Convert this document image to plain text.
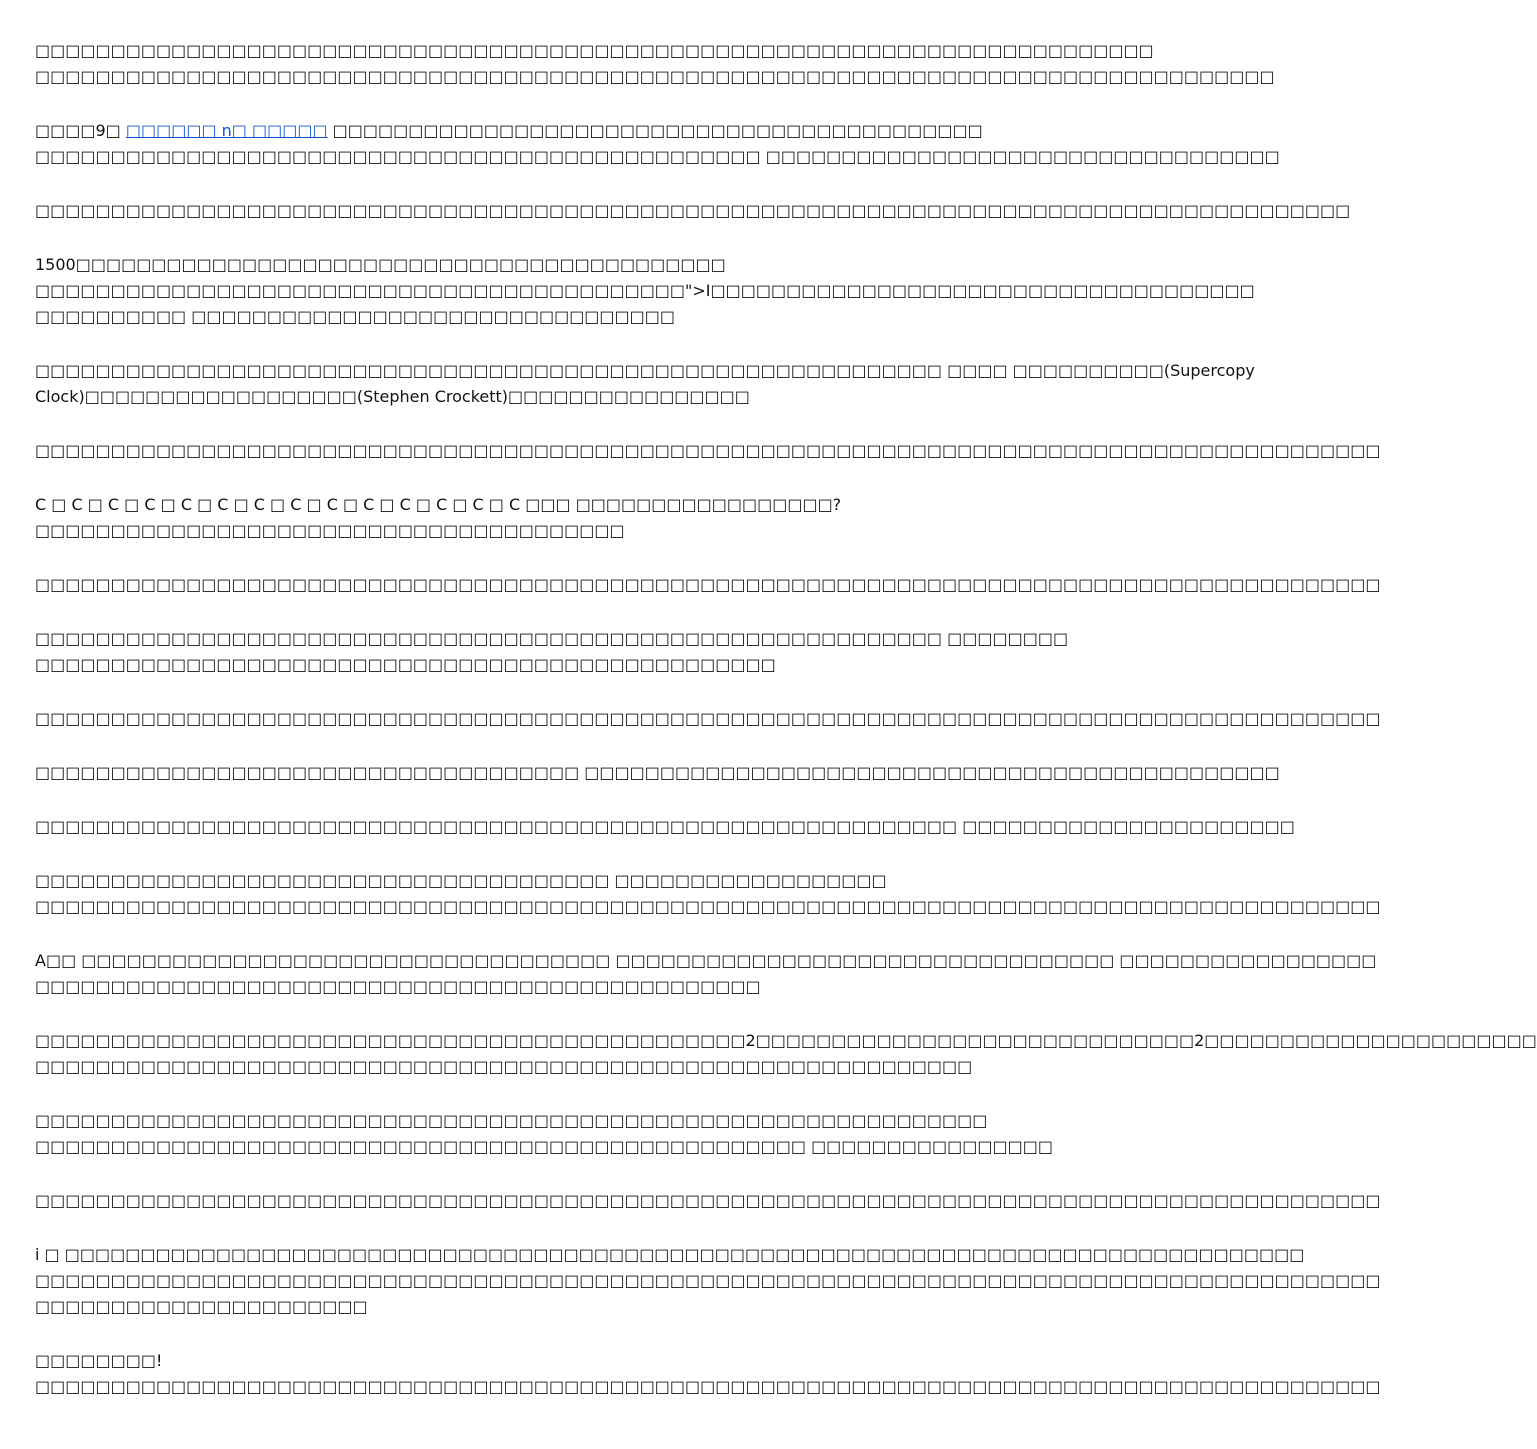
□□□□□□□□□□□□□□□□□□□□□□□□□□□□□□□□□□□□□□□□□□□□□□□□□□□□□□□□□□□□□□□□□□□□□□□□□□
□□□□□□□□□□□□□□□□□□□□□□□□□□□□□□□□□□□□□□□□□□□□□□□□□□□□□□□□□□□□□□□□□□□□□□□□□□□□□□□□□□

□□□□9□ □□□□□□ n□ □□□□□ □□□□□□□□□□□□□□□□□□□□□□□□□□□□□□□□□□□□□□□□□□□
□□□□□□□□□□□□□□□□□□□□□□□□□□□□□□□□□□□□□□□□□□□□□□□□ □□□□□□□□□□□□□□□□□□□□□□□□□□□□□□□□□□

□□□□□□□□□□□□□□□□□□□□□□□□□□□□□□□□□□□□□□□□□□□□□□□□□□□□□□□□□□□□□□□□□□□□□□□□□□□□□□□□□□□□□□□

1500□□□□□□□□□□□□□□□□□□□□□□□□□□□□□□□□□□□□□□□□□□□
□□□□□□□□□□□□□□□□□□□□□□□□□□□□□□□□□□□□□□□□□□□">I□□□□□□□□□□□□□□□□□□□□□□□□□□□□□□□□□□□□
□□□□□□□□□□ □□□□□□□□□□□□□□□□□□□□□□□□□□□□□□□□

□□□□□□□□□□□□□□□□□□□□□□□□□□□□□□□□□□□□□□□□□□□□□□□□□□□□□□□□□□□□ □□□□ □□□□□□□□□□(Supercopy
Clock)□□□□□□□□□□□□□□□□□□(Stephen Crockett)□□□□□□□□□□□□□□□□

□□□□□□□□□□□□□□□□□□□□□□□□□□□□□□□□□□□□□□□□□□□□□□□□□□□□□□□□□□□□□□□□□□□□□□□□□□□□□□□□□□□□□□□□□

C □ C □ C □ C □ C □ C □ C □ C □ C □ C □ C □ C □ C □ C □□□ □□□□□□□□□□□□□□□□□?
□□□□□□□□□□□□□□□□□□□□□□□□□□□□□□□□□□□□□□□

□□□□□□□□□□□□□□□□□□□□□□□□□□□□□□□□□□□□□□□□□□□□□□□□□□□□□□□□□□□□□□□□□□□□□□□□□□□□□□□□□□□□□□□□□

□□□□□□□□□□□□□□□□□□□□□□□□□□□□□□□□□□□□□□□□□□□□□□□□□□□□□□□□□□□□ □□□□□□□□
□□□□□□□□□□□□□□□□□□□□□□□□□□□□□□□□□□□□□□□□□□□□□□□□□

□□□□□□□□□□□□□□□□□□□□□□□□□□□□□□□□□□□□□□□□□□□□□□□□□□□□□□□□□□□□□□□□□□□□□□□□□□□□□□□□□□□□□□□□□

□□□□□□□□□□□□□□□□□□□□□□□□□□□□□□□□□□□□ □□□□□□□□□□□□□□□□□□□□□□□□□□□□□□□□□□□□□□□□□□□□□□

□□□□□□□□□□□□□□□□□□□□□□□□□□□□□□□□□□□□□□□□□□□□□□□□□□□□□□□□□□□□□ □□□□□□□□□□□□□□□□□□□□□□

□□□□□□□□□□□□□□□□□□□□□□□□□□□□□□□□□□□□□□ □□□□□□□□□□□□□□□□□□
□□□□□□□□□□□□□□□□□□□□□□□□□□□□□□□□□□□□□□□□□□□□□□□□□□□□□□□□□□□□□□□□□□□□□□□□□□□□□□□□□□□□□□□□□

A□□ □□□□□□□□□□□□□□□□□□□□□□□□□□□□□□□□□□□ □□□□□□□□□□□□□□□□□□□□□□□□□□□□□□□□□ □□□□□□□□□□□□□□□□□
□□□□□□□□□□□□□□□□□□□□□□□□□□□□□□□□□□□□□□□□□□□□□□□□

□□□□□□□□□□□□□□□□□□□□□□□□□□□□□□□□□□□□□□□□□□□□□□□2□□□□□□□□□□□□□□□□□□□□□□□□□□□□□2□□□□□□□□□□□□□□□□□□□□□□
□□□□□□□□□□□□□□□□□□□□□□□□□□□□□□□□□□□□□□□□□□□□□□□□□□□□□□□□□□□□□□

□□□□□□□□□□□□□□□□□□□□□□□□□□□□□□□□□□□□□□□□□□□□□□□□□□□□□□□□□□□□□□□
□□□□□□□□□□□□□□□□□□□□□□□□□□□□□□□□□□□□□□□□□□□□□□□□□□□ □□□□□□□□□□□□□□□□

□□□□□□□□□□□□□□□□□□□□□□□□□□□□□□□□□□□□□□□□□□□□□□□□□□□□□□□□□□□□□□□□□□□□□□□□□□□□□□□□□□□□□□□□□

i □ □□□□□□□□□□□□□□□□□□□□□□□□□□□□□□□□□□□□□□□□□□□□□□□□□□□□□□□□□□□□□□□□□□□□□□□□□□□□□□□□□□
□□□□□□□□□□□□□□□□□□□□□□□□□□□□□□□□□□□□□□□□□□□□□□□□□□□□□□□□□□□□□□□□□□□□□□□□□□□□□□□□□□□□□□□□□
□□□□□□□□□□□□□□□□□□□□□□

□□□□□□□□!
□□□□□□□□□□□□□□□□□□□□□□□□□□□□□□□□□□□□□□□□□□□□□□□□□□□□□□□□□□□□□□□□□□□□□□□□□□□□□□□□□□□□□□□□□
